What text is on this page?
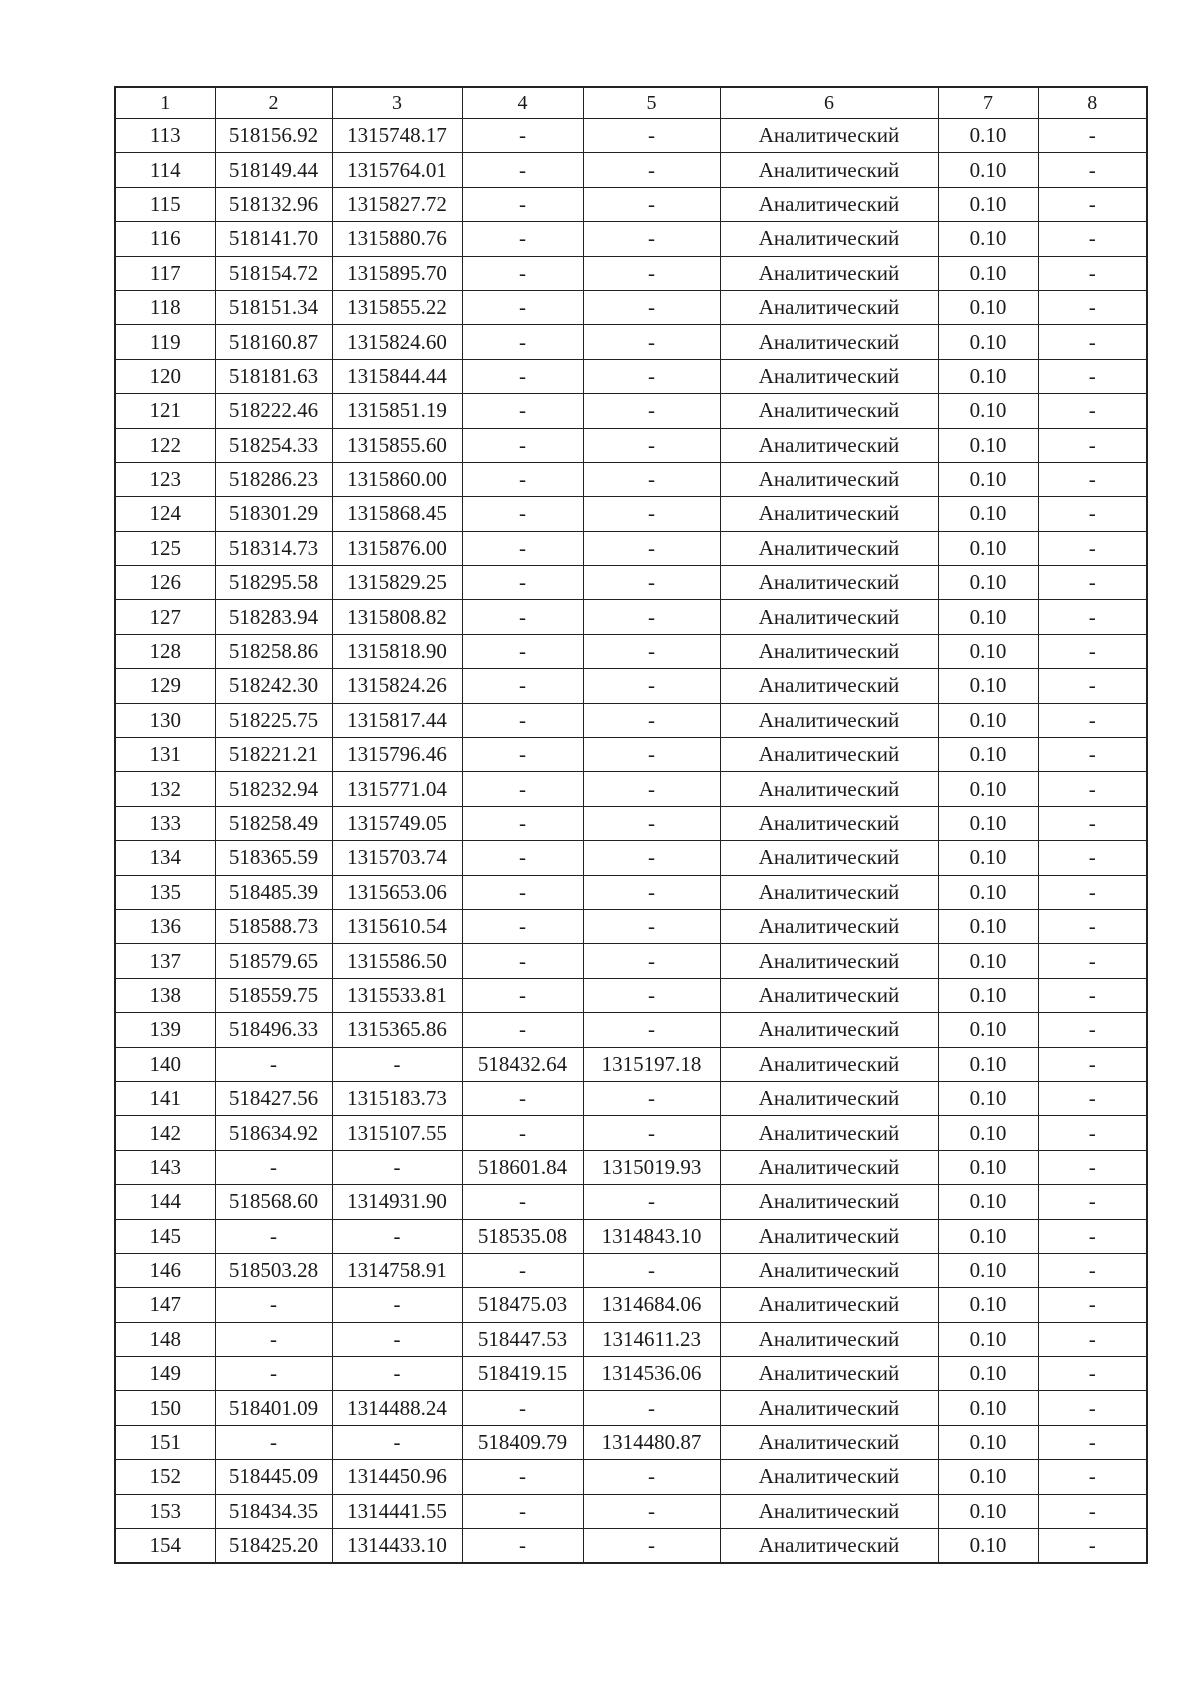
1	2	3	4	5	6	7	8
113	518156.92	1315748.17	-	-	Аналитический	0.10	-
114	518149.44	1315764.01	-	-	Аналитический	0.10	-
115	518132.96	1315827.72	-	-	Аналитический	0.10	-
116	518141.70	1315880.76	-	-	Аналитический	0.10	-
117	518154.72	1315895.70	-	-	Аналитический	0.10	-
118	518151.34	1315855.22	-	-	Аналитический	0.10	-
119	518160.87	1315824.60	-	-	Аналитический	0.10	-
120	518181.63	1315844.44	-	-	Аналитический	0.10	-
121	518222.46	1315851.19	-	-	Аналитический	0.10	-
122	518254.33	1315855.60	-	-	Аналитический	0.10	-
123	518286.23	1315860.00	-	-	Аналитический	0.10	-
124	518301.29	1315868.45	-	-	Аналитический	0.10	-
125	518314.73	1315876.00	-	-	Аналитический	0.10	-
126	518295.58	1315829.25	-	-	Аналитический	0.10	-
127	518283.94	1315808.82	-	-	Аналитический	0.10	-
128	518258.86	1315818.90	-	-	Аналитический	0.10	-
129	518242.30	1315824.26	-	-	Аналитический	0.10	-
130	518225.75	1315817.44	-	-	Аналитический	0.10	-
131	518221.21	1315796.46	-	-	Аналитический	0.10	-
132	518232.94	1315771.04	-	-	Аналитический	0.10	-
133	518258.49	1315749.05	-	-	Аналитический	0.10	-
134	518365.59	1315703.74	-	-	Аналитический	0.10	-
135	518485.39	1315653.06	-	-	Аналитический	0.10	-
136	518588.73	1315610.54	-	-	Аналитический	0.10	-
137	518579.65	1315586.50	-	-	Аналитический	0.10	-
138	518559.75	1315533.81	-	-	Аналитический	0.10	-
139	518496.33	1315365.86	-	-	Аналитический	0.10	-
140	-	-	518432.64	1315197.18	Аналитический	0.10	-
141	518427.56	1315183.73	-	-	Аналитический	0.10	-
142	518634.92	1315107.55	-	-	Аналитический	0.10	-
143	-	-	518601.84	1315019.93	Аналитический	0.10	-
144	518568.60	1314931.90	-	-	Аналитический	0.10	-
145	-	-	518535.08	1314843.10	Аналитический	0.10	-
146	518503.28	1314758.91	-	-	Аналитический	0.10	-
147	-	-	518475.03	1314684.06	Аналитический	0.10	-
148	-	-	518447.53	1314611.23	Аналитический	0.10	-
149	-	-	518419.15	1314536.06	Аналитический	0.10	-
150	518401.09	1314488.24	-	-	Аналитический	0.10	-
151	-	-	518409.79	1314480.87	Аналитический	0.10	-
152	518445.09	1314450.96	-	-	Аналитический	0.10	-
153	518434.35	1314441.55	-	-	Аналитический	0.10	-
154	518425.20	1314433.10	-	-	Аналитический	0.10	-
